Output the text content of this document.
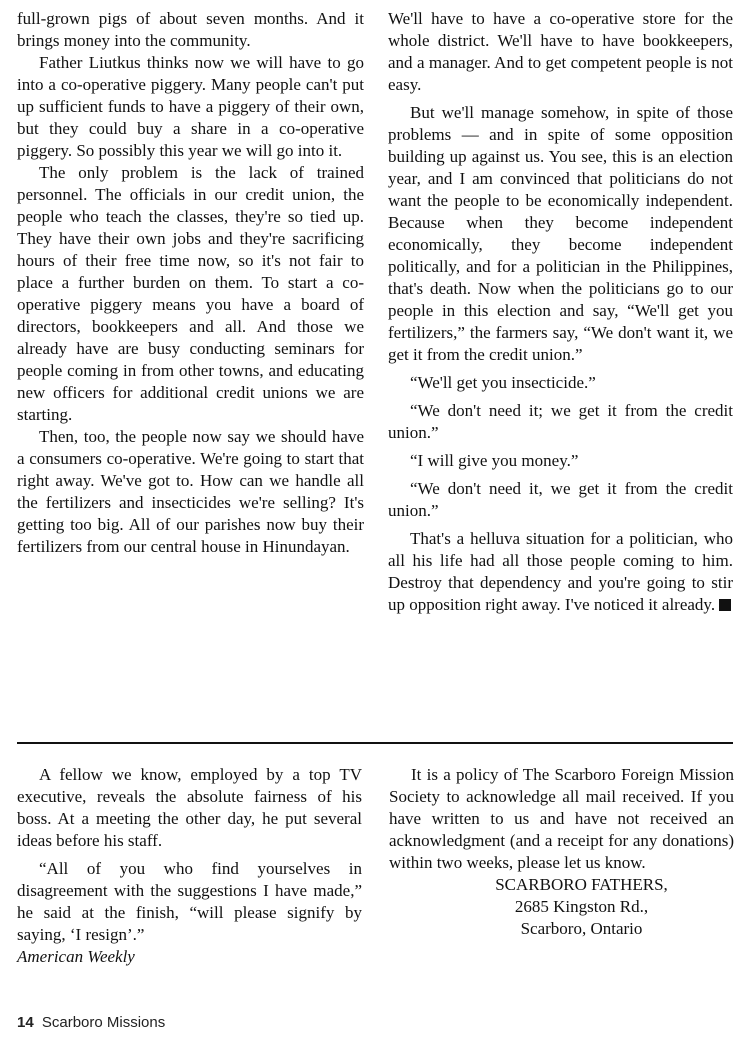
full-grown pigs of about seven months. And it brings money into the community.

Father Liutkus thinks now we will have to go into a co-operative piggery. Many people can't put up sufficient funds to have a piggery of their own, but they could buy a share in a co-operative piggery. So possibly this year we will go into it.

The only problem is the lack of trained personnel. The officials in our credit union, the people who teach the classes, they're so tied up. They have their own jobs and they're sacrificing hours of their free time now, so it's not fair to place a further burden on them. To start a co-operative piggery means you have a board of directors, bookkeepers and all. And those we already have are busy conducting seminars for people coming in from other towns, and educating new officers for additional credit unions we are starting.

Then, too, the people now say we should have a consumers co-operative. We're going to start that right away. We've got to. How can we handle all the fertilizers and insecticides we're selling? It's getting too big. All of our parishes now buy their fertilizers from our central house in Hinundayan.

We'll have to have a co-operative store for the whole district. We'll have to have bookkeepers, and a manager. And to get competent people is not easy.

But we'll manage somehow, in spite of those problems — and in spite of some opposition building up against us. You see, this is an election year, and I am convinced that politicians do not want the people to be economically independent. Because when they become independent economically, they become independent politically, and for a politician in the Philippines, that's death. Now when the politicians go to our people in this election and say, “We'll get you fertilizers,” the farmers say, “We don't want it, we get it from the credit union.”

“We'll get you insecticide.”

“We don't need it; we get it from the credit union.”

“I will give you money.”

“We don't need it, we get it from the credit union.”

That's a helluva situation for a politician, who all his life had all those people coming to him. Destroy that dependency and you're going to stir up opposition right away. I've noticed it already.

A fellow we know, employed by a top TV executive, reveals the absolute fairness of his boss. At a meeting the other day, he put several ideas before his staff.

“All of you who find yourselves in disagreement with the suggestions I have made,” he said at the finish, “will please signify by saying, ‘I resign’.”

American Weekly

It is a policy of The Scarboro Foreign Mission Society to acknowledge all mail received. If you have written to us and have not received an acknowledgment (and a receipt for any donations) within two weeks, please let us know.

SCARBORO FATHERS,

2685 Kingston Rd.,

Scarboro, Ontario

14 Scarboro Missions
